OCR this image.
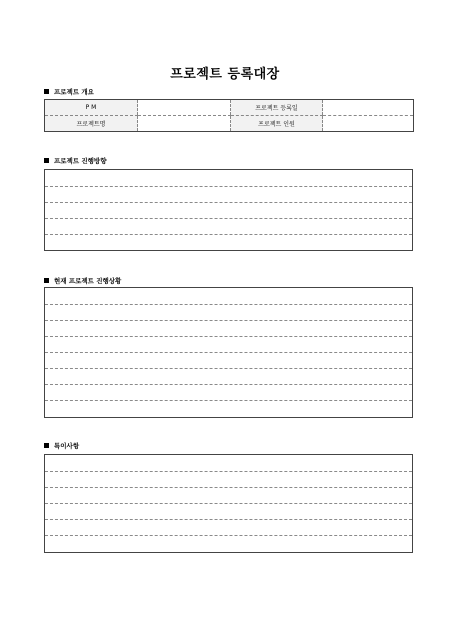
프로젝트 등록대장
프로젝트 개요
P M		프로젝트 등록일	
프로젝트명		프로젝트 인원	
프로젝트 진행방향
현재 프로젝트 진행상황
특이사항
